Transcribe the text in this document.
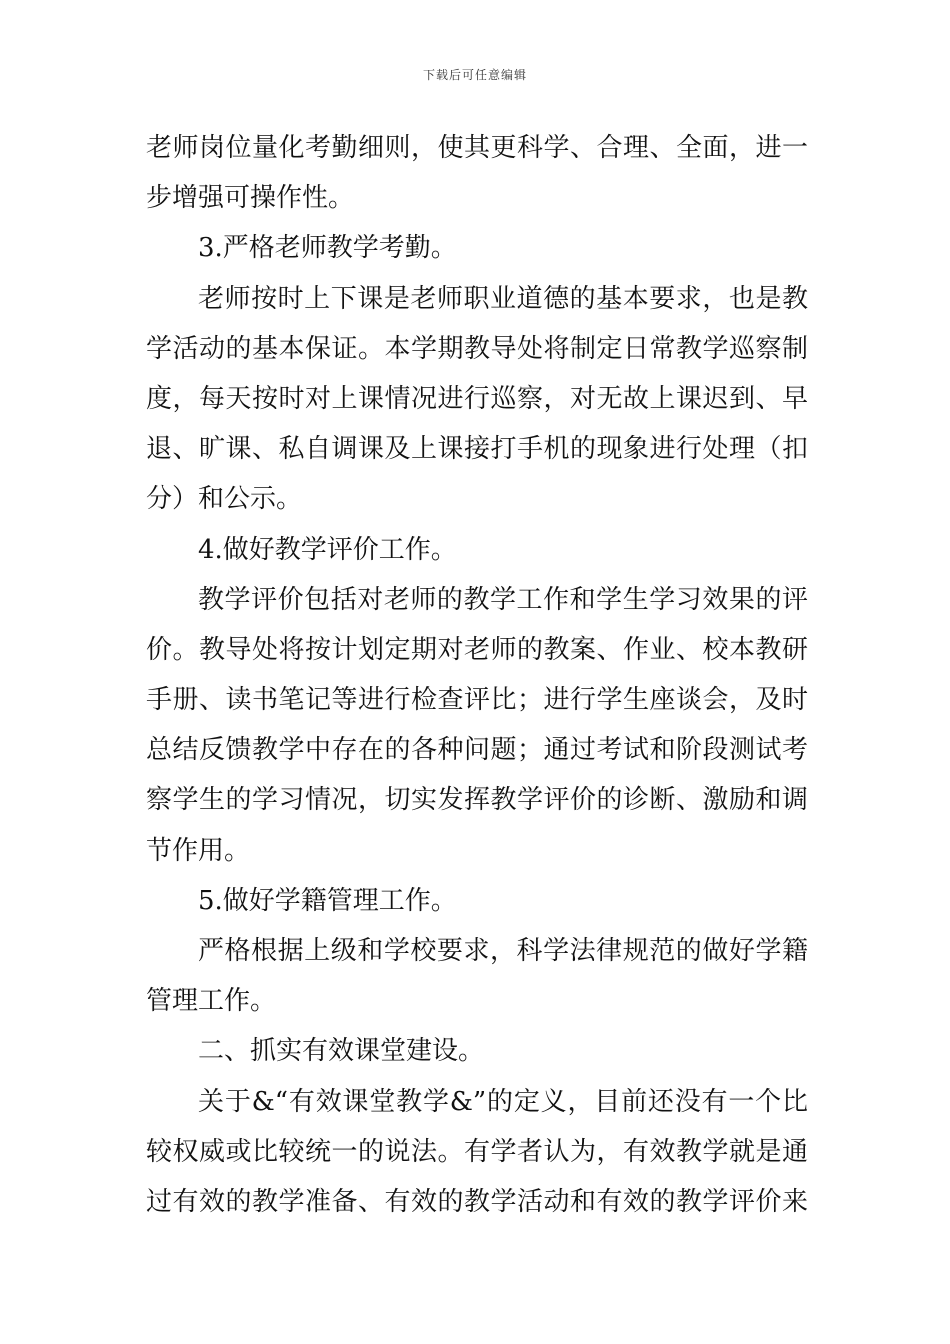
下载后可任意编辑
老师岗位量化考勤细则，使其更科学、合理、全面，进一
步增强可操作性。
3.严格老师教学考勤。
老师按时上下课是老师职业道德的基本要求，也是教
学活动的基本保证。本学期教导处将制定日常教学巡察制
度，每天按时对上课情况进行巡察，对无故上课迟到、早
退、旷课、私自调课及上课接打手机的现象进行处理（扣
分）和公示。
4.做好教学评价工作。
教学评价包括对老师的教学工作和学生学习效果的评
价。教导处将按计划定期对老师的教案、作业、校本教研
手册、读书笔记等进行检查评比；进行学生座谈会，及时
总结反馈教学中存在的各种问题；通过考试和阶段测试考
察学生的学习情况，切实发挥教学评价的诊断、激励和调
节作用。
5.做好学籍管理工作。
严格根据上级和学校要求，科学法律规范的做好学籍
管理工作。
二、抓实有效课堂建设。
关于&“有效课堂教学&”的定义，目前还没有一个比
较权威或比较统一的说法。有学者认为，有效教学就是通
过有效的教学准备、有效的教学活动和有效的教学评价来
